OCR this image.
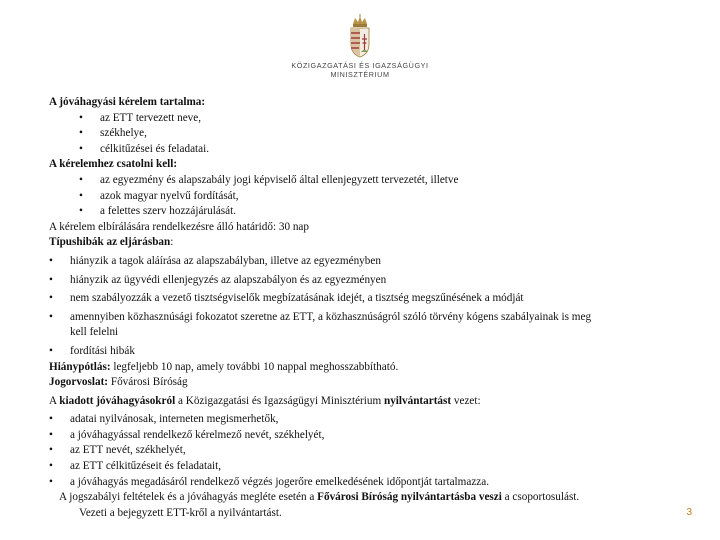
KÖZIGAZGATÁSI ÉS IGAZSÁGÜGYI
MINISZTÉRIUM
A jóváhagyási kérelem tartalma:
• az ETT tervezett neve,
• székhelye,
• célkitűzései és feladatai.
A kérelemhez csatolni kell:
• az egyezmény és alapszabály jogi képviselő által ellenjegyzett tervezetét, illetve
• azok magyar nyelvű fordítását,
• a felettes szerv hozzájárulását.
A kérelem elbírálására rendelkezésre álló határidő: 30 nap
Típushibák az eljárásban:
• hiányzik a tagok aláírása az alapszabályban, illetve az egyezményben
• hiányzik az ügyvédi ellenjegyzés az alapszabályon és az egyezményen
• nem szabályozzák a vezető tisztségviselők megbízatásának idejét, a tisztség megszűnésének a módját
• amennyiben közhasznúsági fokozatot szeretne az ETT, a közhasznúságról szóló törvény kógens szabályainak is meg
kell felelni
• fordítási hibák
Hiánypótlás: legfeljebb 10 nap, amely további 10 nappal meghosszabbítható.
Jogorvoslat: Fővárosi Bíróság
A kiadott jóváhagyásokról a Közigazgatási és Igazságügyi Minisztérium nyilvántartást vezet:
• adatai nyilvánosak, interneten megismerhetők,
• a jóváhagyással rendelkező kérelmező nevét, székhelyét,
• az ETT nevét, székhelyét,
• az ETT célkitűzéseit és feladatait,
• a jóváhagyás megadásáról rendelkező végzés jogerőre emelkedésének időpontját tartalmazza.
A jogszabályi feltételek és a jóváhagyás megléte esetén a Fővárosi Bíróság nyilvántartásba veszi a csoportosulást.
Vezeti a bejegyzett ETT-kről a nyilvántartást.	3
